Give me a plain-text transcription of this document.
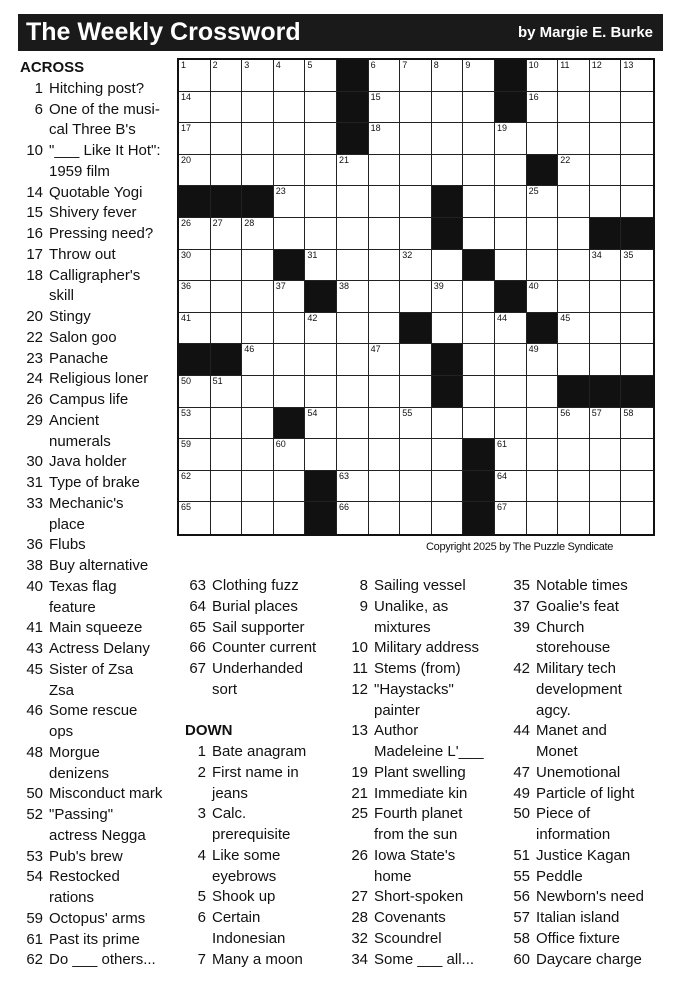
The Weekly Crossword	by Margie E. Burke
1	2	3	4	5	6	7	8	9	10 11 12 13
14	15	16
17	18	19
20	21	22
23	25
26 27 28
30	31	32	34 35
36	37	38	39	40
41	42	44	45
46	47	49
50 51
53	54	55	56 57 58
59	60	61
62	63	64
65	66	67
Copyright 2025 by The Puzzle Syndicate
ACROSS
1 Hitching post?
6 One of the musi-
cal Three B's
10 "___ Like It Hot":
1959 film
14 Quotable Yogi
15 Shivery fever
16 Pressing need?
17 Throw out
18 Calligrapher's
skill
20 Stingy
22 Salon goo
23 Panache
24 Religious loner
26 Campus life
29 Ancient
numerals
30 Java holder
31 Type of brake
33 Mechanic's
place
36 Flubs
38 Buy alternative
40 Texas flag
feature
41 Main squeeze
43 Actress Delany
45 Sister of Zsa
Zsa
46 Some rescue
ops
48 Morgue
denizens
50 Misconduct mark
52 "Passing"
actress Negga
53 Pub's brew
54 Restocked
rations
59 Octopus' arms
61 Past its prime
62 Do ___ others...
63 Clothing fuzz
64 Burial places
65 Sail supporter
66 Counter current
67 Underhanded
sort
DOWN
1 Bate anagram
2 First name in
jeans
3 Calc.
prerequisite
4 Like some
eyebrows
5 Shook up
6 Certain
Indonesian
7 Many a moon
8 Sailing vessel
9 Unalike, as
mixtures
10 Military address
11 Stems (from)
12 "Haystacks"
painter
13 Author
Madeleine L'___
19 Plant swelling
21 Immediate kin
25 Fourth planet
from the sun
26 Iowa State's
home
27 Short-spoken
28 Covenants
32 Scoundrel
34 Some ___ all...
35 Notable times
37 Goalie's feat
39 Church
storehouse
42 Military tech
development
agcy.
44 Manet and
Monet
47 Unemotional
49 Particle of light
50 Piece of
information
51 Justice Kagan
55 Peddle
56 Newborn's need
57 Italian island
58 Office fixture
60 Daycare charge
